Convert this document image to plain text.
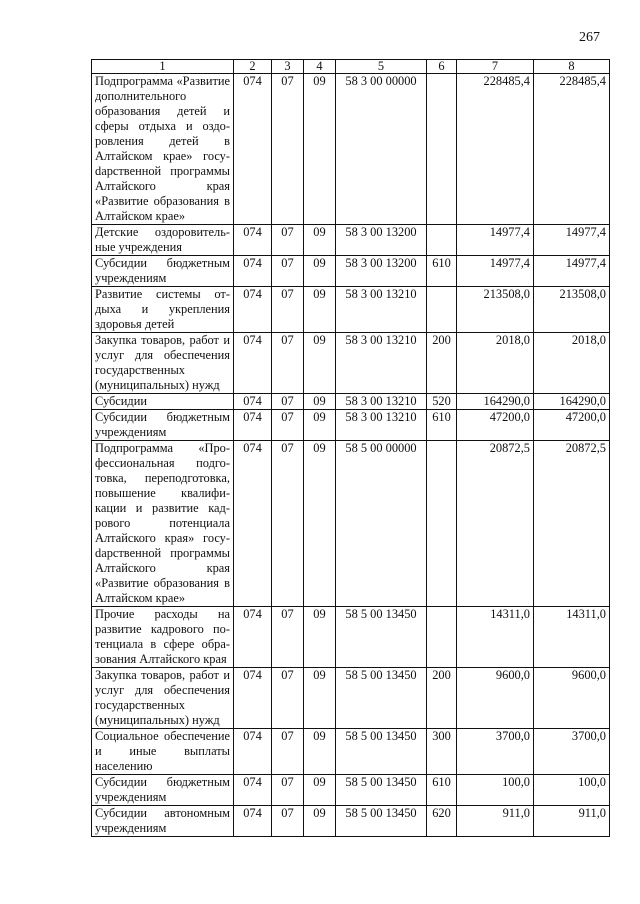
267
1	2	3	4	5	6	7	8
Подпрограмма «Развитие дополнительного образования детей и сферы отдыха и оздоровления детей в Алтайском крае» госуdарственной программы Алтайского края «Развитие образования в Алтайском крае»	074	07	09	58 3 00 00000		228485,4	228485,4
Детские оздоровительные учреждения	074	07	09	58 3 00 13200		14977,4	14977,4
Субсидии бюджетным учреждениям	074	07	09	58 3 00 13200	610	14977,4	14977,4
Развитие системы отдыха и укрепления здоровья детей	074	07	09	58 3 00 13210		213508,0	213508,0
Закупка товаров, работ и услуг для обеспечения государственных (муниципальных) нужд	074	07	09	58 3 00 13210	200	2018,0	2018,0
Субсидии	074	07	09	58 3 00 13210	520	164290,0	164290,0
Субсидии бюджетным учреждениям	074	07	09	58 3 00 13210	610	47200,0	47200,0
Подпрограмма «Профессиональная подготовка, переподготовка, повышение квалификации и развитие кадрового потенциала Алтайского края» госуdарственной программы Алтайского края «Развитие образования в Алтайском крае»	074	07	09	58 5 00 00000		20872,5	20872,5
Прочие расходы на развитие кадрового потенциала в сфере образования Алтайского края	074	07	09	58 5 00 13450		14311,0	14311,0
Закупка товаров, работ и услуг для обеспечения государственных (муниципальных) нужд	074	07	09	58 5 00 13450	200	9600,0	9600,0
Социальное обеспечение и иные выплаты населению	074	07	09	58 5 00 13450	300	3700,0	3700,0
Субсидии бюджетным учреждениям	074	07	09	58 5 00 13450	610	100,0	100,0
Субсидии автономным учреждениям	074	07	09	58 5 00 13450	620	911,0	911,0
